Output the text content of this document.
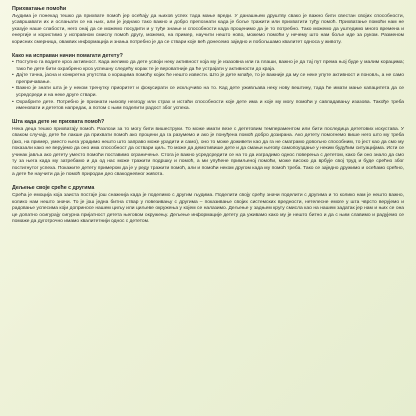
Прихватање помоћи

Људима је понекад тешко да прихвате помоћ јер осећају да њихов успех тада мање вреди. У данашњем друштву свако је важно бити свестан својих способности, усавршавати их и ослањати се на њих, али је једнако тако важно и добро препознати када је боље тражити или прихватити туђу помоћ. Прихватање помоћи нам не указује наше слабости, него онај да се можемо посудити и у туђе знање и способности када проценимо да је то потребно. Тако можемо да уштедимо много времена и енергије и користимо у исправном смислу помоћ другу, можемо, на пример, научити нешто ново, можемо помоћи у нечему што нам боље иде за руком. Разменом корисних смерница, оваквих информација и знања потребно је да се ствари које већ донесемо заједно и побољшамо квалитет односа у животу.

Како на исправан начин помагати детету?
• Поступно га водите кроз активност. Када желимо да дете усвоји неку активност која му је изазовна или га плаши, важно је да тај пут према њој буде у малим корацима; тако ће дете бити охрабрено кроз успешну следећу корак те је вероватније да ће устрајати у активности до краја.
• Дајте тачна, јасна и конкретна упутства о корацима помоћу којих ће нешто извести. Што је дете млађе, то је важније да му се неке упуте активност и поновљ, а не само препричавање.
• Важно је знати шта је у неком тренутку приоритет и фокусирати се искључиво на то. Кад дете уживљава неку нову вештину, тада ће имати мање капацитета да се усредсреди и на неке друге ствари.
• Охрабрите дете. Потребно је признати њихову незгоду или страх и истаћи способности које дете има и које му могу помоћи у савладавању изазова. Такође треба именовати и дететов напредак, а потом с њим поделити радост због успеха.
Шта када дете не прихвата помоћ?

Нека деца тешко прихватају помоћ. Разлози за то могу бити вишеструки. То може имати везе с дететовим темпераментом или бити последица дететових искустава. У сваком случају, дете ће лакше да прихвати помоћ ако процени да га разумемо и ако је понуђена помоћ добро дозирана. Ако детету помогнемо више него што му треба (ако, на пример, уместо њега урадимо нешто што заправо може урадити и само), оно то може доживети као да га не сматрамо довољно способним, то јест као да смо му показали како не верујемо да оно има способност да оствари циљ. То може да демотивише дете и да смањи његову самопоуздање у неким будућим ситуацијама. Исти се учинак јавља ако детету уместо помоћи поставимо ограничење. Стога је важно усредсредити се на то да изградимо однос поверења с дететом, како би оно знало да смо ту за њега када му затребамо и да од нас може тражити подршку и помоћ, а ми упућене примљеној помоћи, може високо да врбује свој труд и буде срећно због постигнутог успеха. Покажите детету примером да је у реду тражити помоћ, али и помоћи неком другом када му помоћ треба. Тако се заједно дружимо и осећамо срећно, а дете ће научити да је помоћ природан део свакодневног живота.

Дељење своје среће с другима

Срећа је емоција која заиста постаје још снажнија када је поделимо с другим људима. Поделити своју срећу значи поделити с другима и то колико нам је нешто важно, колико нам нешто значи. То је још једна битна ствар у повезивању с другима – показивање својих системских вредности, нетелесне емоге у шта чврсто верујемо и радовање успесима који доприносе нашем циљу или циљеве окружења у којем се налазимо. Дељење у задњем кругу смисла као на нашем задатак јер нам и њих се она це допатно осигурају сигурна пријатност детета његовом окружењу. Дељење информације детету да уживамо како му је нешто битно и да с њим славимо и радујемо се помаже да дуготрочно имамо квалитетнији однос с дететом.
